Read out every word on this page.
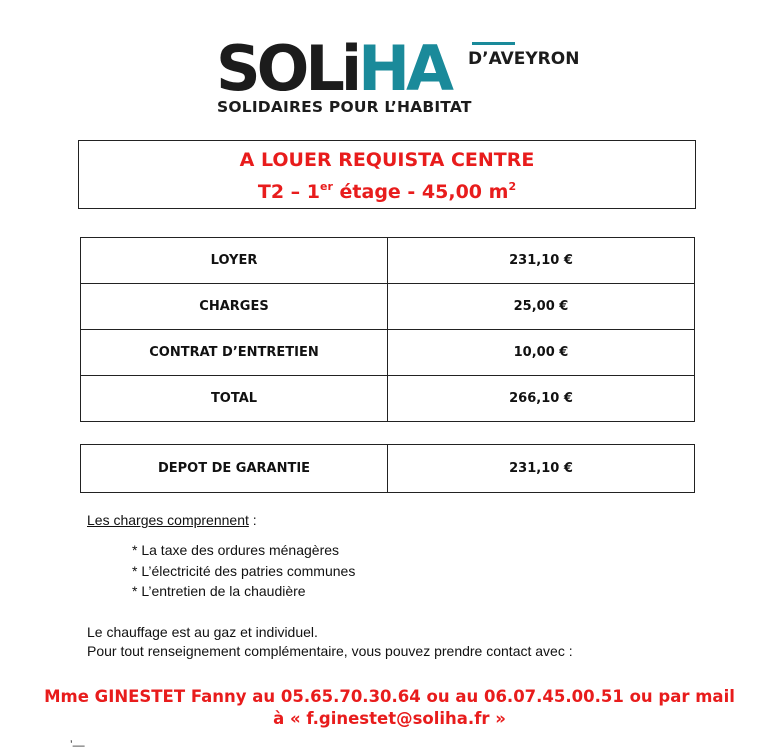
SOLiHA D’AVEYRON
SOLIDAIRES POUR L’HABITAT
A LOUER REQUISTA CENTRE
T2 – 1er étage - 45,00 $m^2$
LOYER	231,10 €
CHARGES	25,00 €
CONTRAT D’ENTRETIEN	10,00 €
TOTAL	266,10 €
DEPOT DE GARANTIE	231,10 €
Les charges comprennent :
* La taxe des ordures ménagères
* L’électricité des patries communes
* L’entretien de la chaudière
Le chauffage est au gaz et individuel.
Pour tout renseignement complémentaire, vous pouvez prendre contact avec :
Mme GINESTET Fanny au 05.65.70.30.64 ou au 06.07.45.00.51 ou par mail
à « f.ginestet@soliha.fr »
ʼ—
